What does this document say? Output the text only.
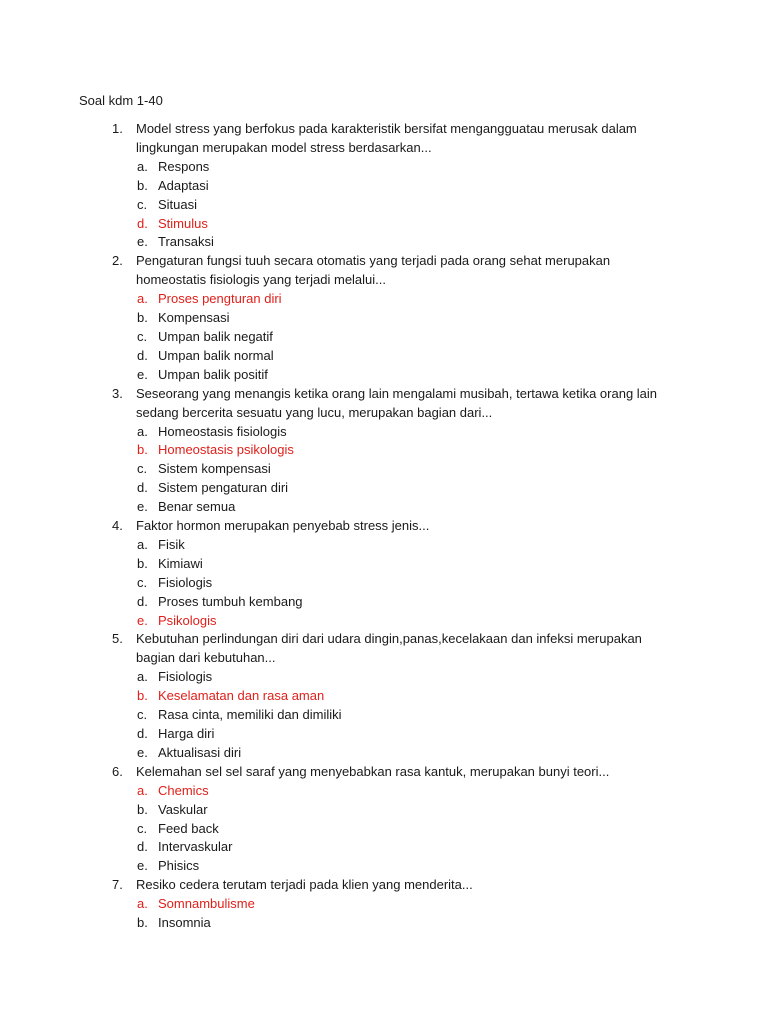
Soal kdm 1-40
1.	Model stress yang berfokus pada karakteristik bersifat mengangguatau merusak dalam lingkungan merupakan model stress berdasarkan...
a. Respons
b. Adaptasi
c. Situasi
d. Stimulus
e. Transaksi
2.	Pengaturan fungsi tuuh secara otomatis yang terjadi pada orang sehat merupakan homeostatis fisiologis yang terjadi melalui...
a. Proses pengturan diri
b. Kompensasi
c. Umpan balik negatif
d. Umpan balik normal
e. Umpan balik positif
3.	Seseorang yang menangis ketika orang lain mengalami musibah, tertawa ketika orang lain sedang bercerita sesuatu yang lucu, merupakan bagian dari...
a. Homeostasis fisiologis
b. Homeostasis psikologis
c. Sistem kompensasi
d. Sistem pengaturan diri
e. Benar semua
4.	Faktor hormon merupakan penyebab stress jenis...
a. Fisik
b. Kimiawi
c. Fisiologis
d. Proses tumbuh kembang
e. Psikologis
5.	Kebutuhan perlindungan diri dari udara dingin,panas,kecelakaan dan infeksi merupakan bagian dari kebutuhan...
a. Fisiologis
b. Keselamatan dan rasa aman
c. Rasa cinta, memiliki dan dimiliki
d. Harga diri
e. Aktualisasi diri
6.	Kelemahan sel sel saraf yang menyebabkan rasa kantuk, merupakan bunyi teori...
a. Chemics
b. Vaskular
c. Feed back
d. Intervaskular
e. Phisics
7.	Resiko cedera terutam terjadi pada klien yang menderita...
a. Somnambulisme
b. Insomnia
